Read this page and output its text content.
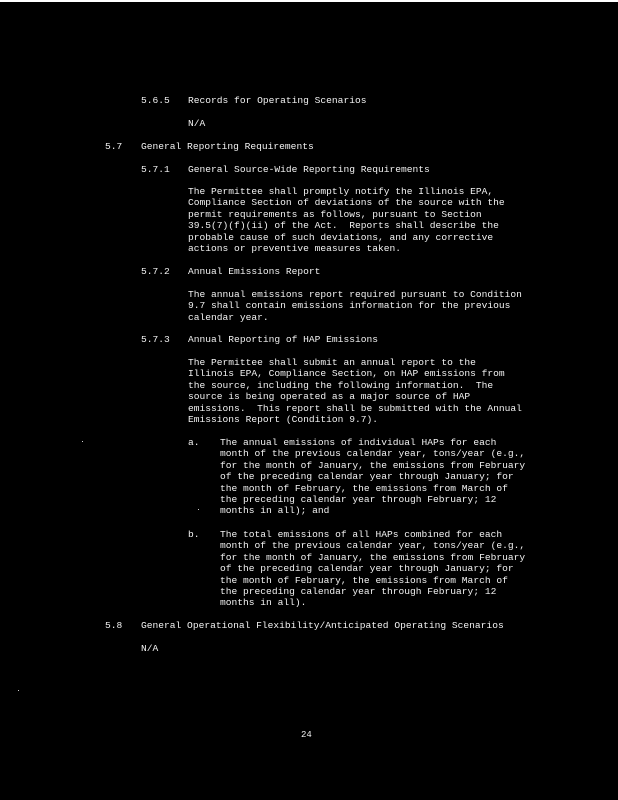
5.6.5 Records for Operating Scenarios
N/A
5.7 General Reporting Requirements
5.7.1 General Source-Wide Reporting Requirements
The Permittee shall promptly notify the Illinois EPA,
Compliance Section of deviations of the source with the
permit requirements as follows, pursuant to Section
39.5(7)(f)(ii) of the Act.  Reports shall describe the
probable cause of such deviations, and any corrective
actions or preventive measures taken.
5.7.2 Annual Emissions Report
The annual emissions report required pursuant to Condition
9.7 shall contain emissions information for the previous
calendar year.
5.7.3 Annual Reporting of HAP Emissions
The Permittee shall submit an annual report to the
Illinois EPA, Compliance Section, on HAP emissions from
the source, including the following information.  The
source is being operated as a major source of HAP
emissions.  This report shall be submitted with the Annual
Emissions Report (Condition 9.7).
a. The annual emissions of individual HAPs for each
month of the previous calendar year, tons/year (e.g.,
for the month of January, the emissions from February
of the preceding calendar year through January; for
the month of February, the emissions from March of
the preceding calendar year through February; 12
months in all); and
b. The total emissions of all HAPs combined for each
month of the previous calendar year, tons/year (e.g.,
for the month of January, the emissions from February
of the preceding calendar year through January; for
the month of February, the emissions from March of
the preceding calendar year through February; 12
months in all).
5.8 General Operational Flexibility/Anticipated Operating Scenarios
N/A
24
